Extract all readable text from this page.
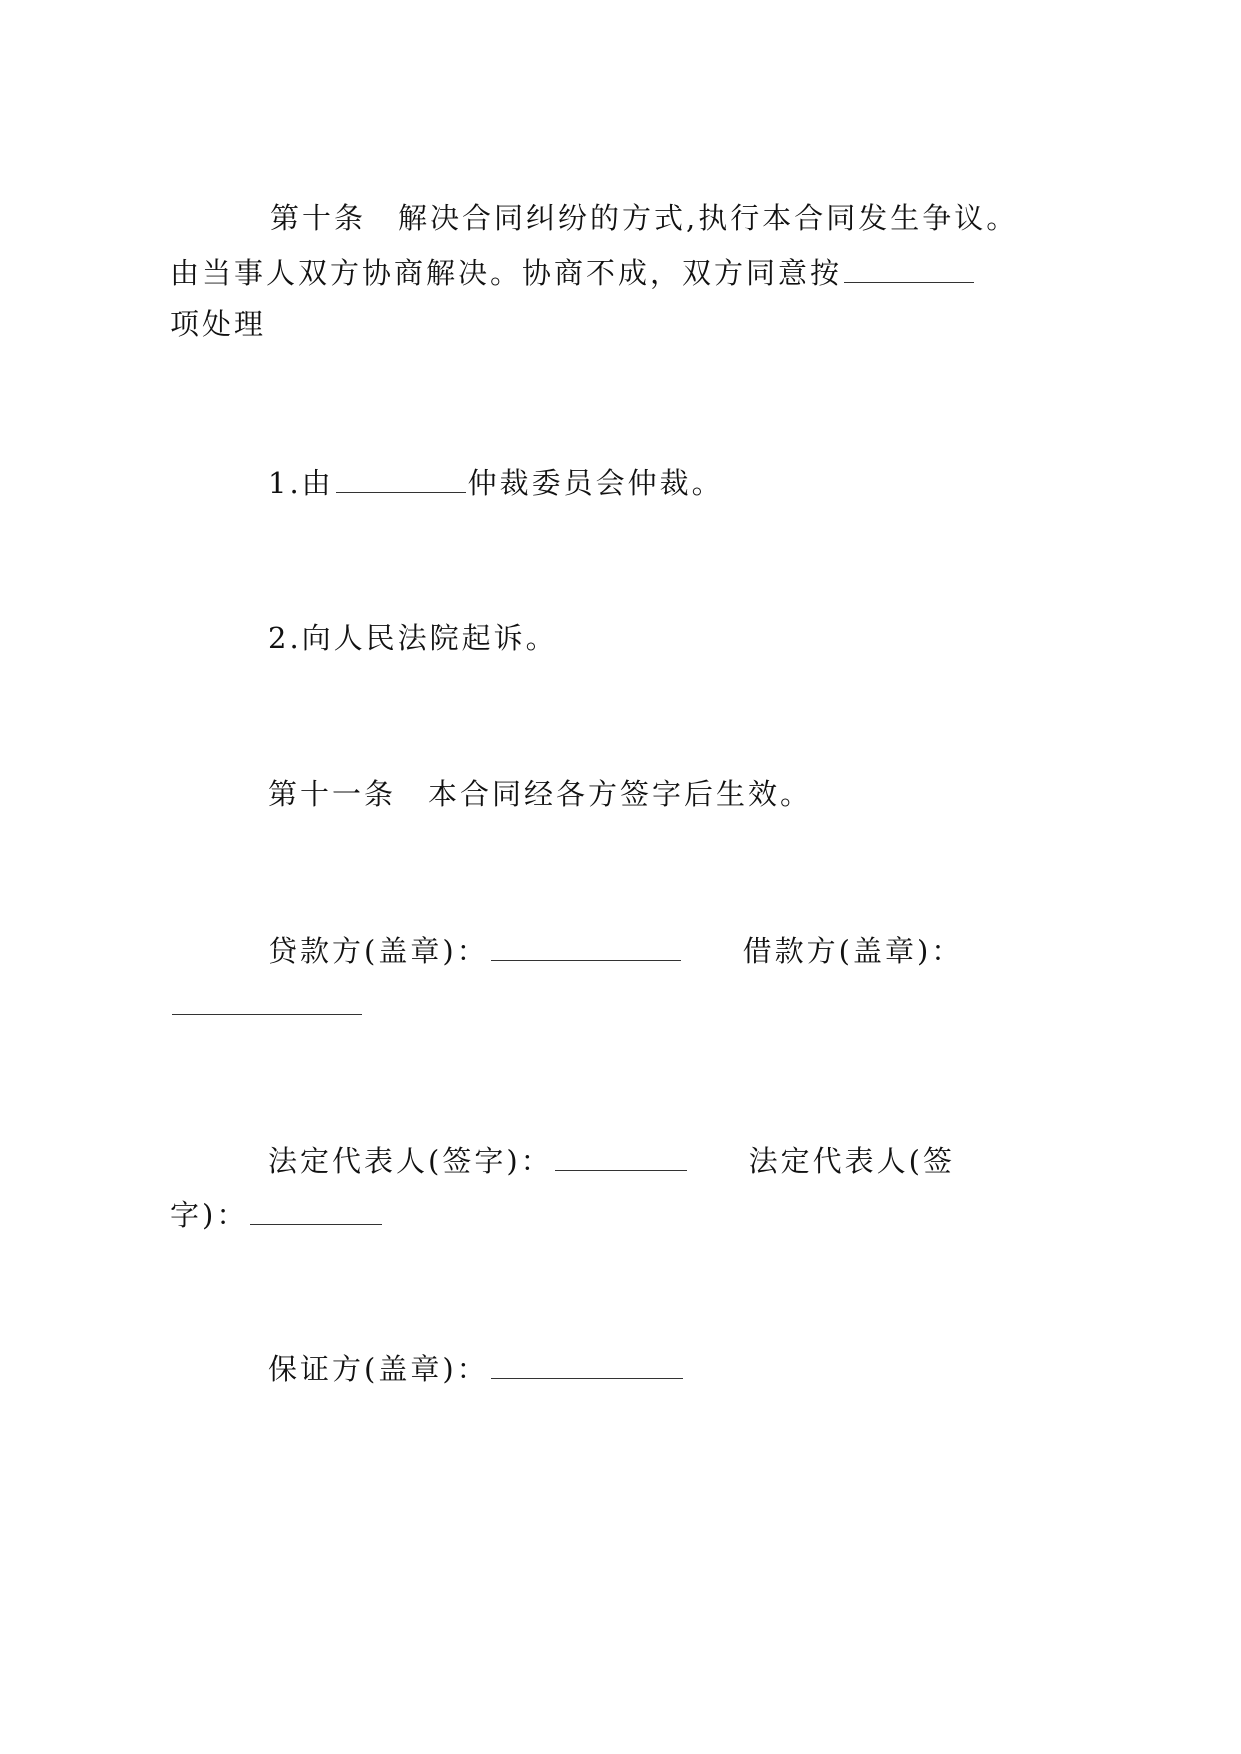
第十条　解决合同纠纷的方式,执行本合同发生争议。
由当事人双方协商解决。协商不成，双方同意按
项处理
1.由	仲裁委员会仲裁。
2.向人民法院起诉。
第十一条　本合同经各方签字后生效。
贷款方(盖章)：	借款方(盖章)：
法定代表人(签字)：	法定代表人(签
字)：
保证方(盖章)：
